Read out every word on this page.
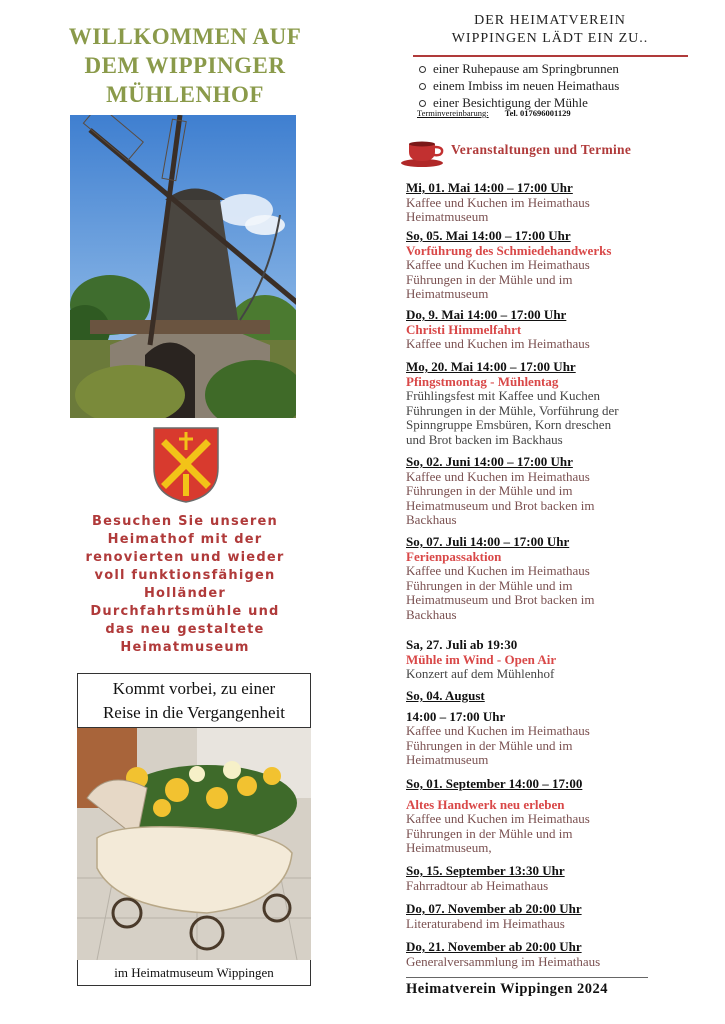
WILLKOMMEN AUF
DEM WIPPINGER
MÜHLENHOF
Besuchen Sie unseren
Heimathof mit der
renovierten und wieder
voll funktionsfähigen
Holländer
Durchfahrtsmühle und
das neu gestaltete
Heimatmuseum
Kommt vorbei, zu einer
Reise in die Vergangenheit
im Heimatmuseum Wippingen
DER HEIMATVEREIN
WIPPINGEN LÄDT EIN ZU..
einer Ruhepause am Springbrunnen
einem Imbiss im neuen Heimathaus
einer Besichtigung der Mühle
Terminvereinbarung: Tel. 017696001129
Veranstaltungen und Termine
Mi, 01. Mai 14:00 – 17:00 Uhr
Kaffee und Kuchen im Heimathaus
Heimatmuseum
So, 05. Mai 14:00 – 17:00 Uhr
Vorführung des Schmiedehandwerks
Kaffee und Kuchen im Heimathaus
Führungen in der Mühle und im
Heimatmuseum
Do, 9. Mai 14:00 – 17:00 Uhr
Christi Himmelfahrt
Kaffee und Kuchen im Heimathaus
Mo, 20. Mai 14:00 – 17:00 Uhr
Pfingstmontag - Mühlentag
Frühlingsfest mit Kaffee und Kuchen
Führungen in der Mühle, Vorführung der
Spinngruppe Emsbüren, Korn dreschen
und Brot backen im Backhaus
So, 02. Juni 14:00 – 17:00 Uhr
Kaffee und Kuchen im Heimathaus
Führungen in der Mühle und im
Heimatmuseum und Brot backen im
Backhaus
So, 07. Juli 14:00 – 17:00 Uhr
Ferienpassaktion
Kaffee und Kuchen im Heimathaus
Führungen in der Mühle und im
Heimatmuseum und Brot backen im
Backhaus
Sa, 27. Juli ab 19:30
Mühle im Wind - Open Air
Konzert auf dem Mühlenhof
So, 04. August
14:00 – 17:00 Uhr
Kaffee und Kuchen im Heimathaus
Führungen in der Mühle und im
Heimatmuseum
So, 01. September 14:00 – 17:00
Altes Handwerk neu erleben
Kaffee und Kuchen im Heimathaus
Führungen in der Mühle und im
Heimatmuseum,
So, 15. September 13:30 Uhr
Fahrradtour ab Heimathaus
Do, 07. November ab 20:00 Uhr
Literaturabend im Heimathaus
Do, 21. November ab 20:00 Uhr
Generalversammlung im Heimathaus
Heimatverein Wippingen 2024
